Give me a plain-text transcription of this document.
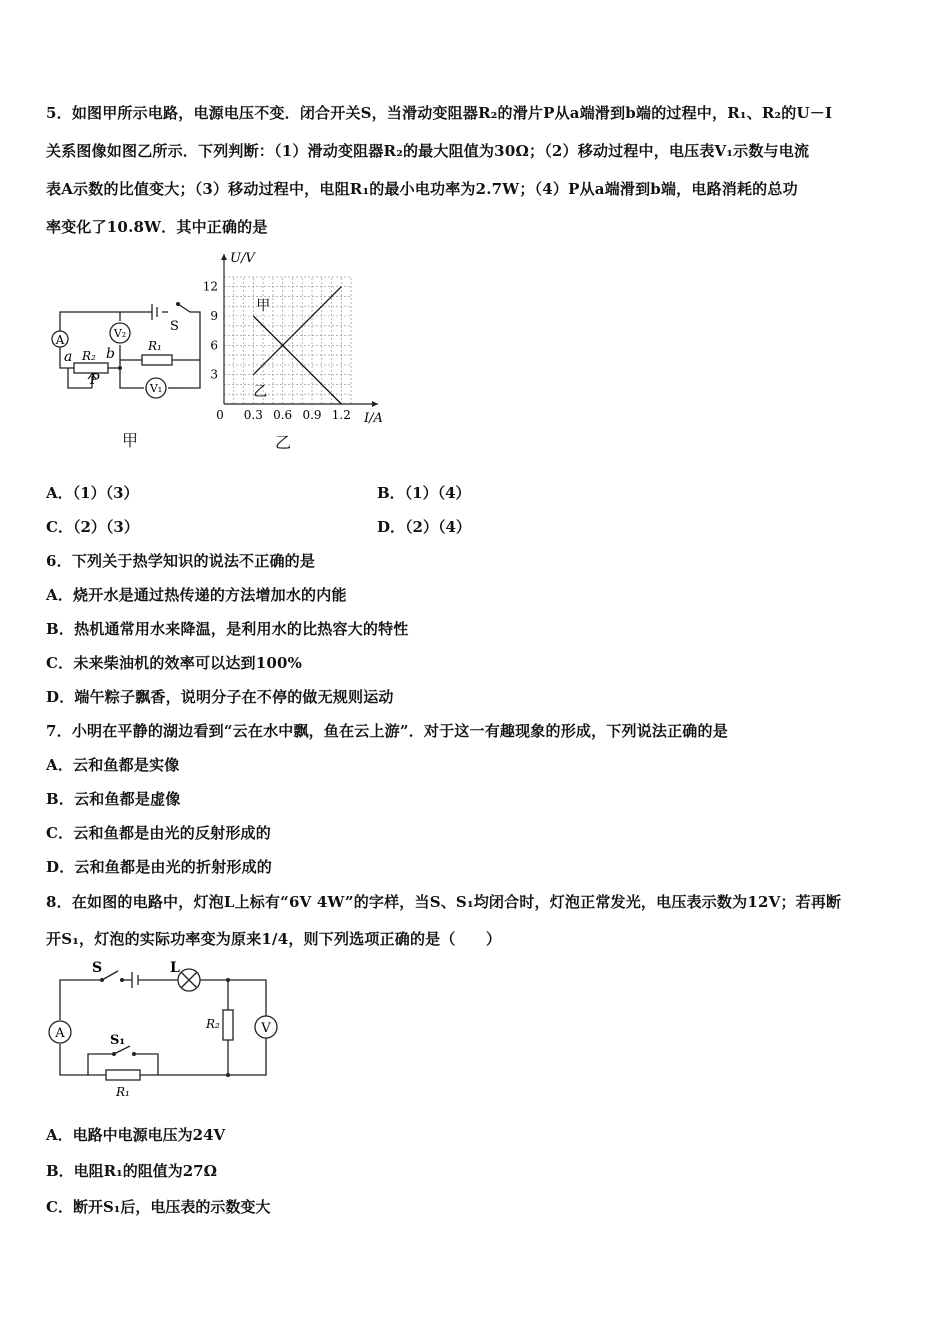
5．如图甲所示电路，电源电压不变．闭合开关S，当滑动变阻器R₂的滑片P从a端滑到b端的过程中，R₁、R₂的U－I
关系图像如图乙所示．下列判断：（1）滑动变阻器R₂的最大阻值为30Ω；（2）移动过程中，电压表V₁示数与电流
表A示数的比值变大；（3）移动过程中，电阻R₁的最小电功率为2.7W；（4）P从a端滑到b端，电路消耗的总功
率变化了10.8W．其中正确的是
A	V₂
V₁
S
R₂
R₁
a b
P
甲
0 0.3 0.6 0.9 1.2
3
6
9
12
I/A
U/V
甲
乙
乙
A．（1）（3）	B．（1）（4）
C．（2）（3）	D．（2）（4）
6．下列关于热学知识的说法不正确的是
A．烧开水是通过热传递的方法增加水的内能
B．热机通常用水来降温，是利用水的比热容大的特性
C．未来柴油机的效率可以达到100%
D．端午粽子飘香，说明分子在不停的做无规则运动
7．小明在平静的湖边看到“云在水中飘，鱼在云上游”．对于这一有趣现象的形成，下列说法正确的是
A．云和鱼都是实像
B．云和鱼都是虚像
C．云和鱼都是由光的反射形成的
D．云和鱼都是由光的折射形成的
8．在如图的电路中，灯泡L上标有“6V 4W”的字样，当S、S₁均闭合时，灯泡正常发光，电压表示数为12V；若再断
开S₁，灯泡的实际功率变为原来1/4，则下列选项正确的是（　　）
S	L
A	V
S₁
R₂
R₁
A．电路中电源电压为24V
B．电阻R₁的阻值为27Ω
C．断开S₁后，电压表的示数变大
